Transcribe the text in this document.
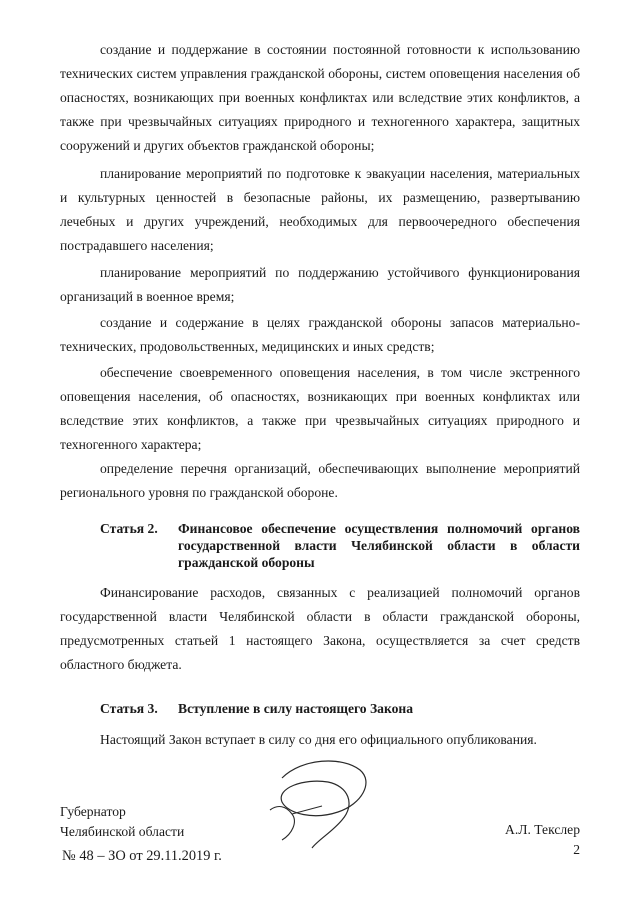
создание и поддержание в состоянии постоянной готовности к использованию технических систем управления гражданской обороны, систем оповещения населения об опасностях, возникающих при военных конфликтах или вследствие этих конфликтов, а также при чрезвычайных ситуациях природного и техногенного характера, защитных сооружений и других объектов гражданской обороны;

планирование мероприятий по подготовке к эвакуации населения, материальных и культурных ценностей в безопасные районы, их размещению, развертыванию лечебных и других учреждений, необходимых для первоочередного обеспечения пострадавшего населения;

планирование мероприятий по поддержанию устойчивого функционирования организаций в военное время;

создание и содержание в целях гражданской обороны запасов материально-технических, продовольственных, медицинских и иных средств;

обеспечение своевременного оповещения населения, в том числе экстренного оповещения населения, об опасностях, возникающих при военных конфликтах или вследствие этих конфликтов, а также при чрезвычайных ситуациях природного и техногенного характера;

определение перечня организаций, обеспечивающих выполнение мероприятий регионального уровня по гражданской обороне.

Статья 2.	Финансовое обеспечение осуществления полномочий органов государственной власти Челябинской области в области гражданской обороны

Финансирование расходов, связанных с реализацией полномочий органов государственной власти Челябинской области в области гражданской обороны, предусмотренных статьей 1 настоящего Закона, осуществляется за счет средств областного бюджета.

Статья 3.	Вступление в силу настоящего Закона

Настоящий Закон вступает в силу со дня его официального опубликования.

Губернатор
Челябинской области	А.Л. Текслер
2
№ 48 – ЗО от 29.11.2019 г.
